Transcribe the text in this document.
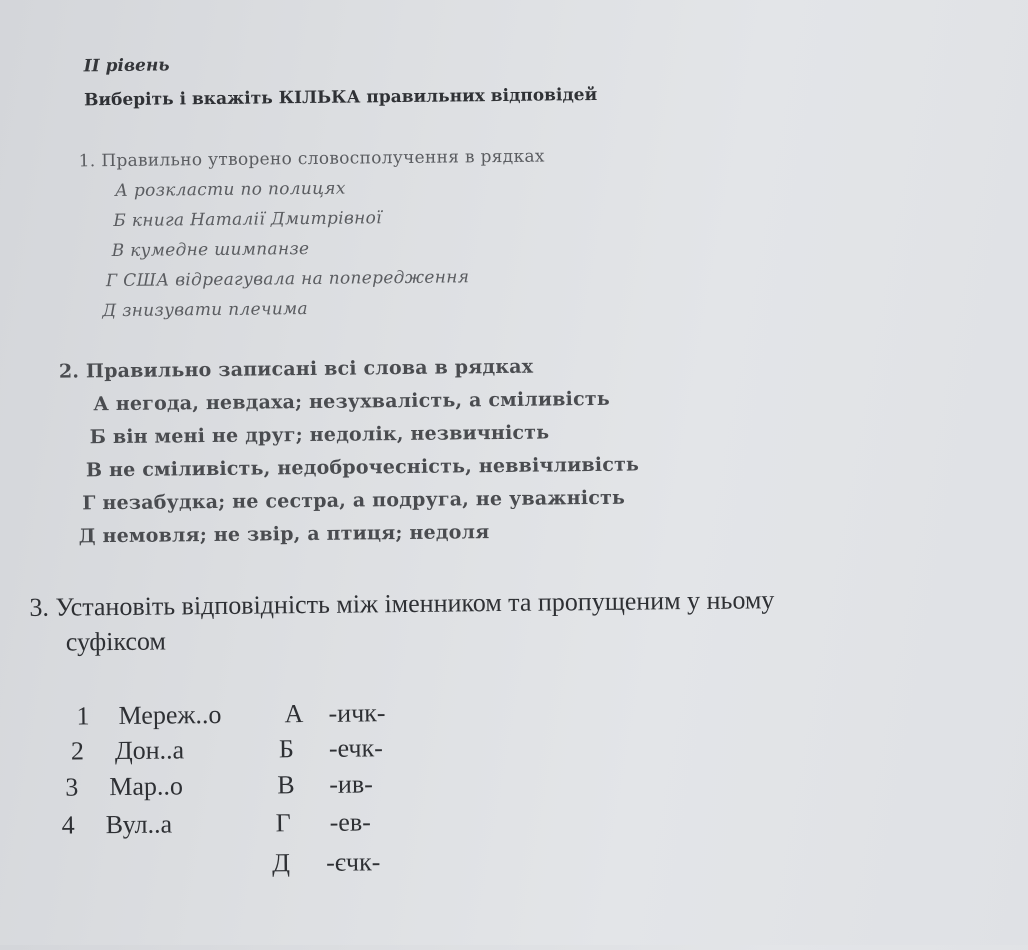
II рівень
Виберіть і вкажіть КІЛЬКА правильних відповідей
1. Правильно утворено словосполучення в рядках
А розкласти по полицях
Б книга Наталії Дмитрівної
В кумедне шимпанзе
Г США відреагувала на попередження
Д знизувати плечима
2. Правильно записані всі слова в рядках
А негода, невдаха; незухвалість, а сміливість
Б він мені не друг; недолік, незвичність
В не сміливість, недоброчесність, неввічливість
Г незабудка; не сестра, а подруга, не уважність
Д немовля; не звір, а птиця; недоля
3. Установіть відповідність між іменником та пропущеним у ньому
суфіксом
1 Мереж..о
2 Дон..а
3 Мар..о
4 Вул..а
А -ичк-
Б -ечк-
В -ив-
Г -ев-
Д -єчк-
